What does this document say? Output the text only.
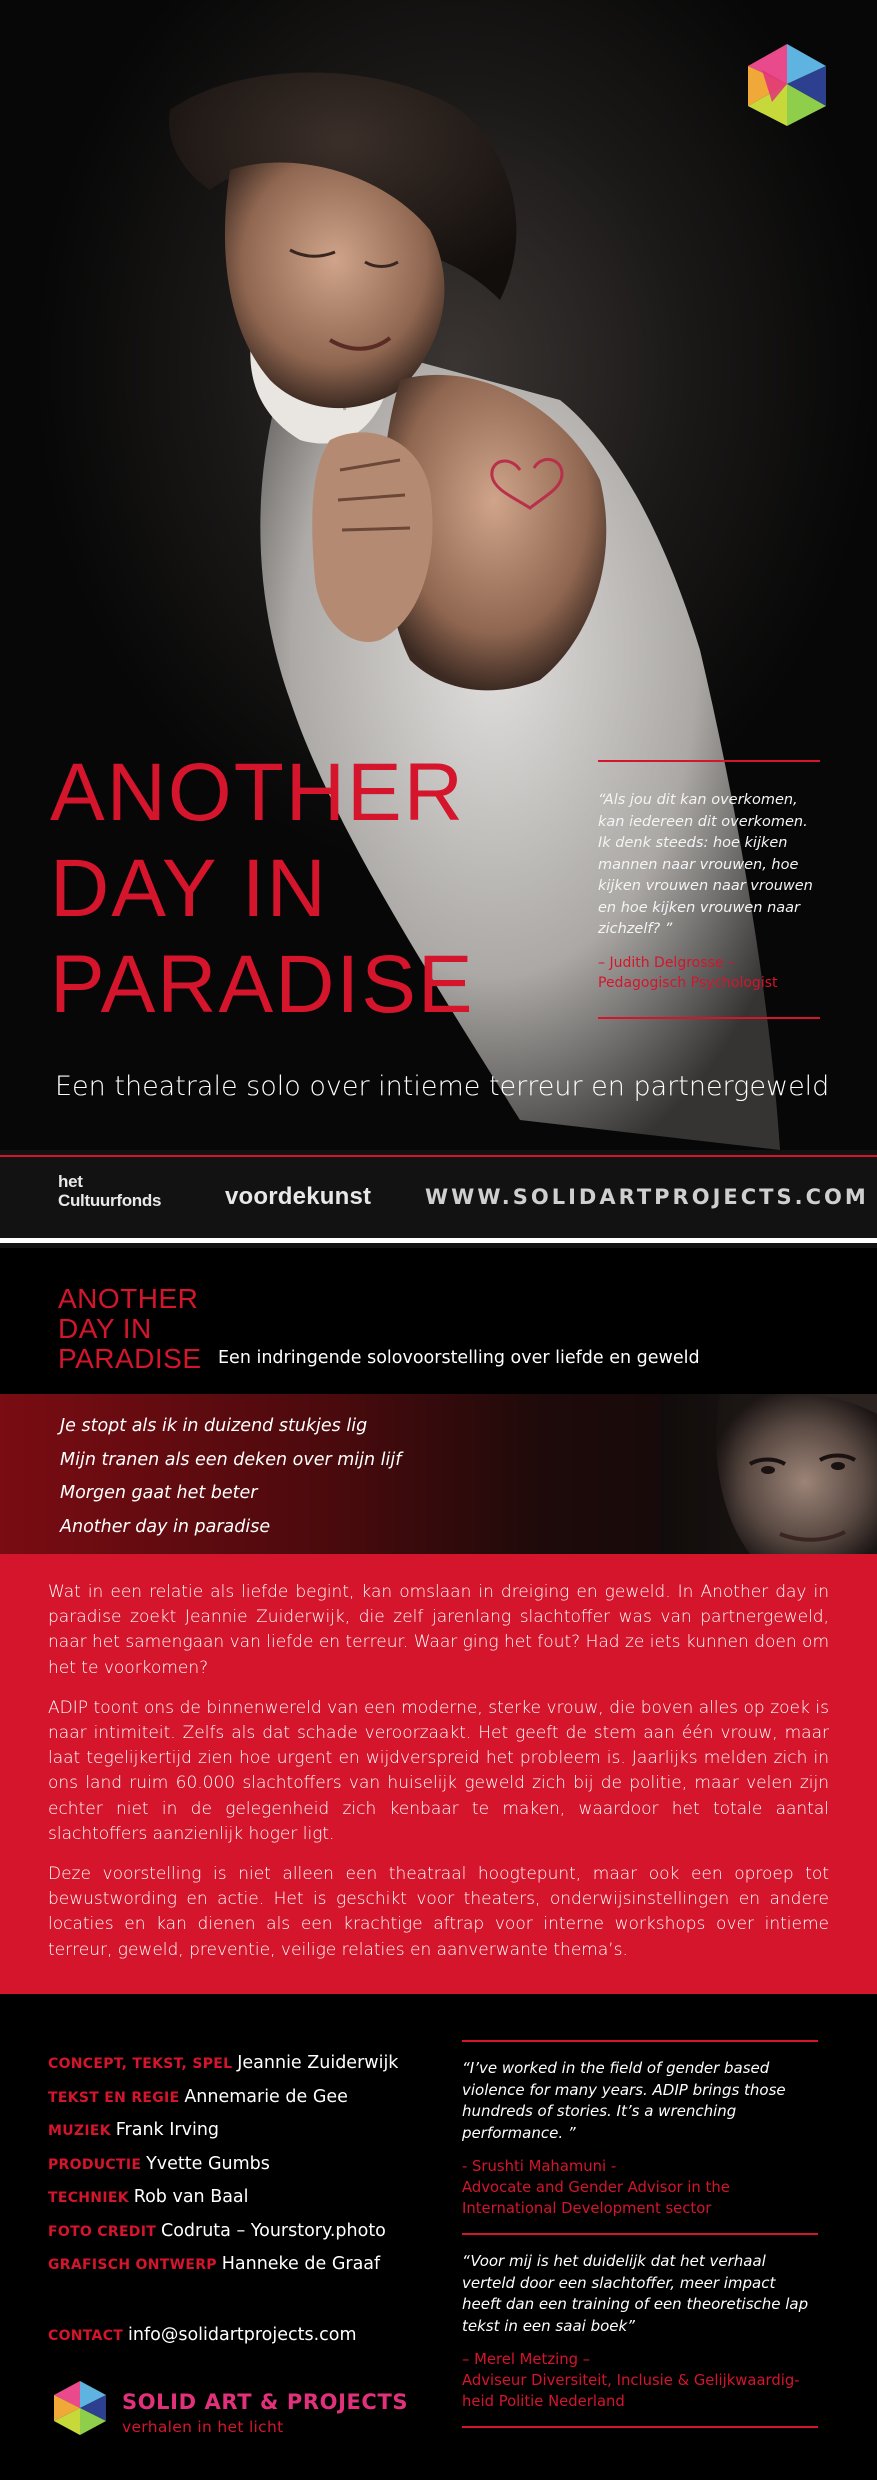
ANOTHER
DAY IN
PARADISE

“Als jou dit kan overkomen, kan iedereen dit overkomen. Ik denk steeds: hoe kijken mannen naar vrouwen, hoe kijken vrouwen naar vrouwen en hoe kijken vrouwen naar zichzelf? ”

– Judith Delgrosse –
Pedagogisch Psychologist

Een theatrale solo over intieme terreur en partnergeweld

het
Cultuurfonds	voordekunst	WWW.SOLIDARTPROJECTS.COM
ANOTHER
DAY IN
PARADISE Een indringende solovoorstelling over liefde en geweld
Je stopt als ik in duizend stukjes lig
Mijn tranen als een deken over mijn lijf
Morgen gaat het beter
Another day in paradise

Wat in een relatie als liefde begint, kan omslaan in dreiging en geweld. In Another day in paradise zoekt Jeannie Zuiderwijk, die zelf jarenlang slachtoffer was van partnergeweld, naar het samengaan van liefde en terreur. Waar ging het fout? Had ze iets kunnen doen om het te voorkomen?

ADIP toont ons de binnenwereld van een moderne, sterke vrouw, die boven alles op zoek is naar intimiteit. Zelfs als dat schade veroorzaakt. Het geeft de stem aan één vrouw, maar laat tegelijkertijd zien hoe urgent en wijdverspreid het probleem is. Jaarlijks melden zich in ons land ruim 60.000 slachtoffers van huiselijk geweld zich bij de politie, maar velen zijn echter niet in de gelegenheid zich kenbaar te maken, waardoor het totale aantal slachtoffers aanzienlijk hoger ligt.

Deze voorstelling is niet alleen een theatraal hoogtepunt, maar ook een oproep tot bewustwording en actie. Het is geschikt voor theaters, onderwijsinstellingen en andere locaties en kan dienen als een krachtige aftrap voor interne workshops over intieme terreur, geweld, preventie, veilige relaties en aanverwante thema’s.

CONCEPT, TEKST, SPEL Jeannie Zuiderwijk
TEKST EN REGIE Annemarie de Gee
MUZIEK Frank Irving
PRODUCTIE Yvette Gumbs
TECHNIEK Rob van Baal
FOTO CREDIT Codruta – Yourstory.photo
GRAFISCH ONTWERP Hanneke de Graaf
CONTACT info@solidartprojects.com
SOLID ART & PROJECTS
verhalen in het licht

“I’ve worked in the field of gender based violence for many years. ADIP brings those hundreds of stories. It’s a wrenching performance. ”

- Srushti Mahamuni -
Advocate and Gender Advisor in the
International Development sector

“Voor mij is het duidelijk dat het verhaal verteld door een slachtoffer, meer impact heeft dan een training of een theoretische lap tekst in een saai boek”

– Merel Metzing –
Adviseur Diversiteit, Inclusie & Gelijkwaardig-
heid Politie Nederland
